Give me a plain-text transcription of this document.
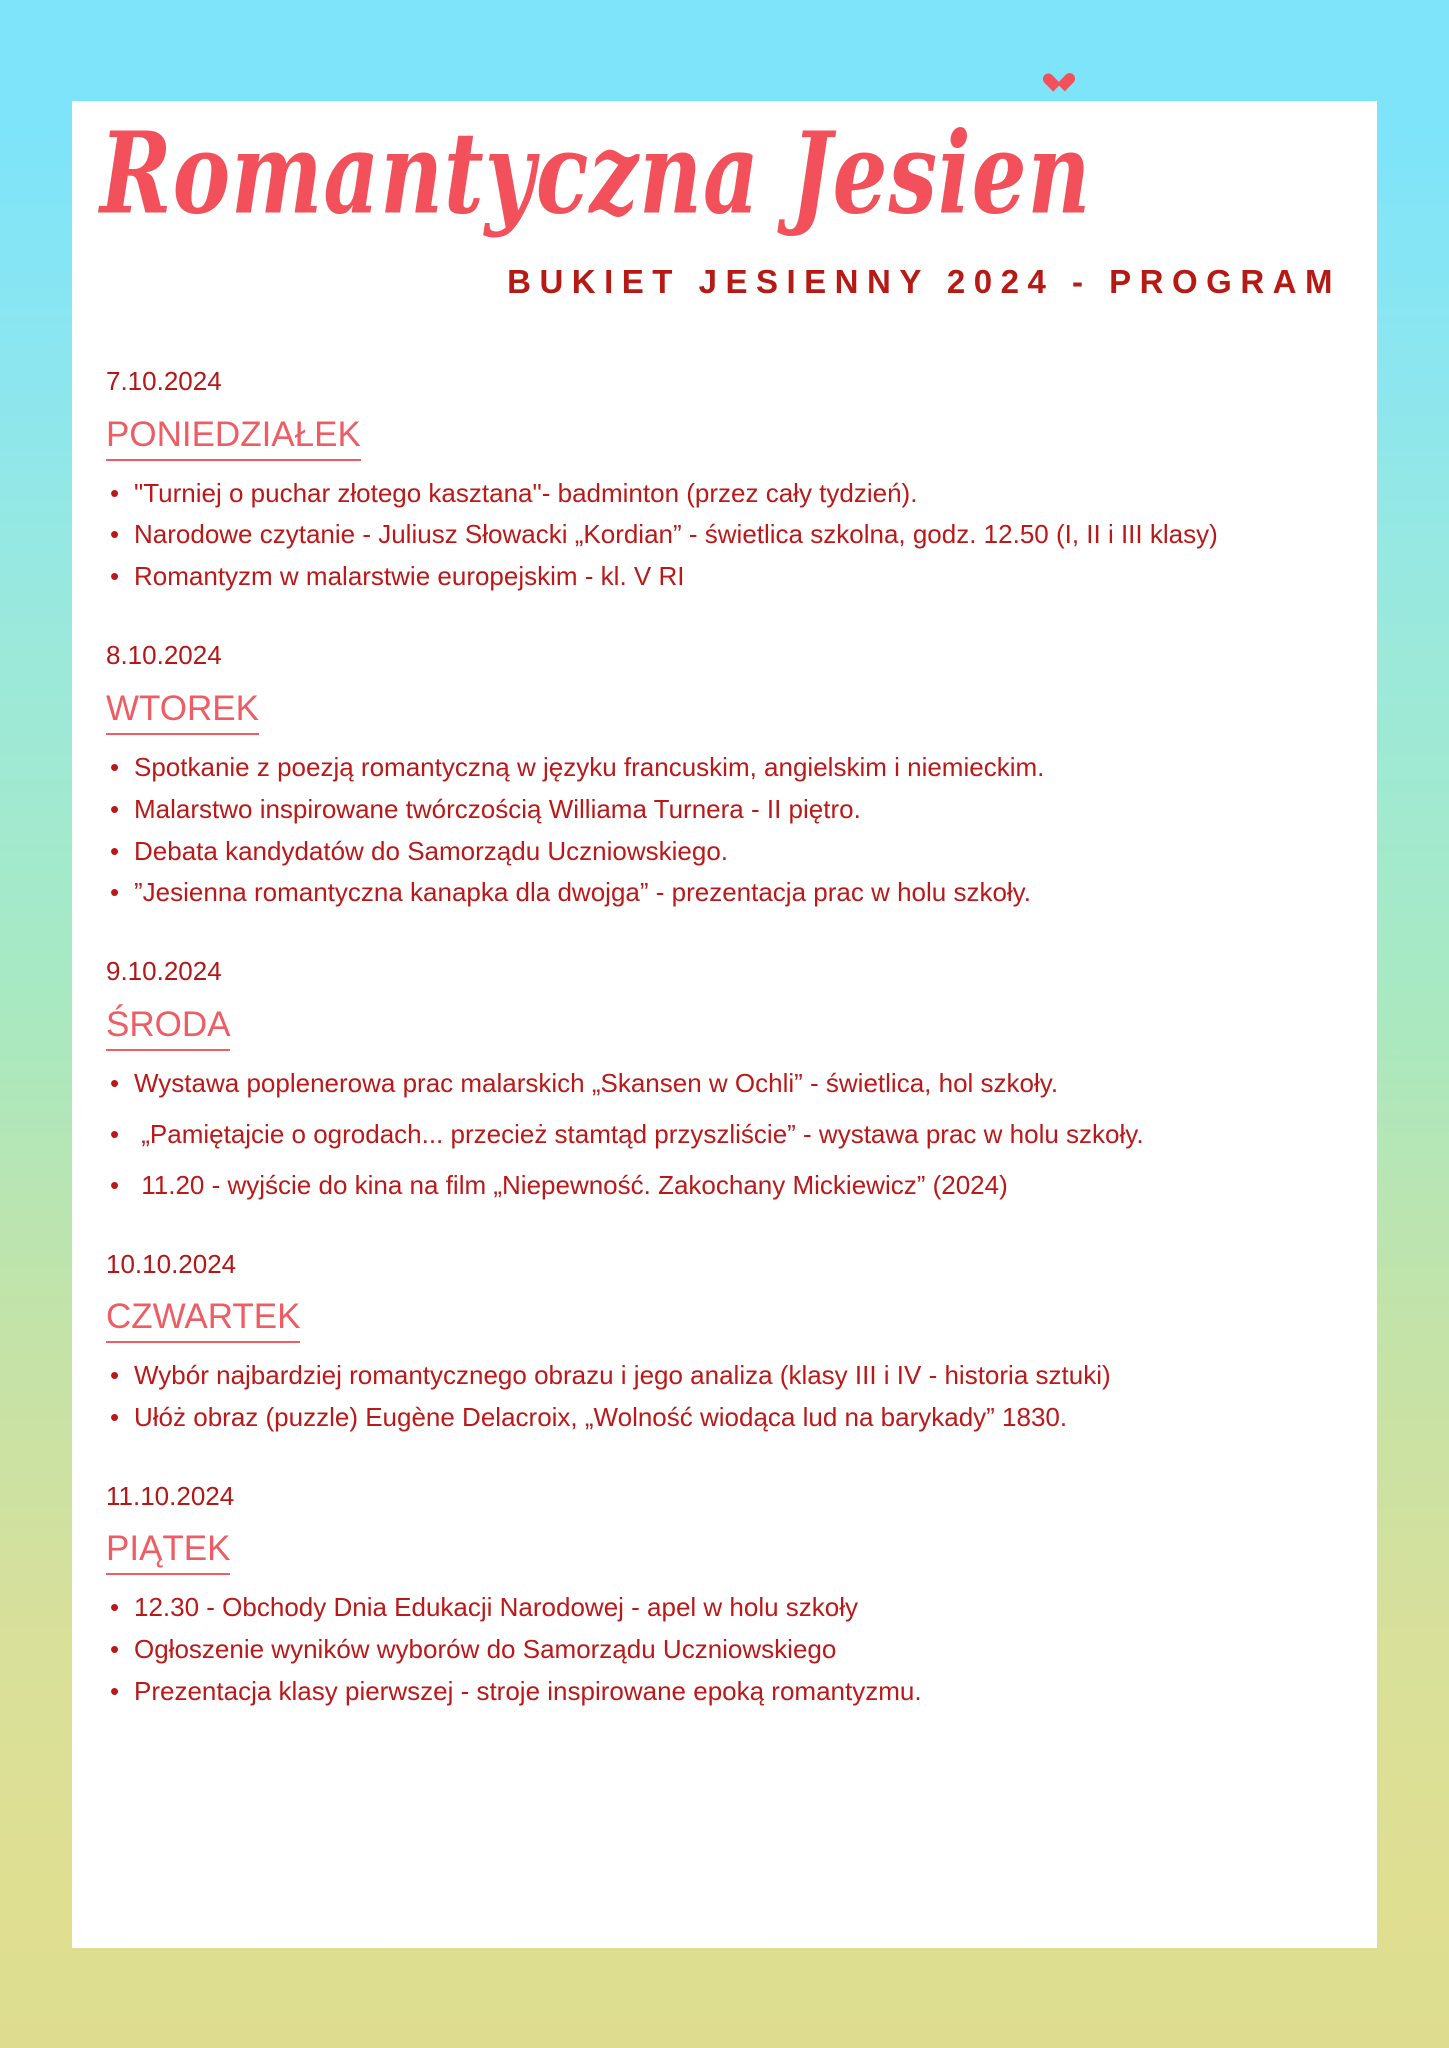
Romantyczna Jesie
n
BUKIET JESIENNY 2024 - PROGRAM
7.10.2024
PONIEDZIAŁEK
• "Turniej o puchar złotego kasztana"- badminton (przez cały tydzień).
• Narodowe czytanie - Juliusz Słowacki „Kordian” - świetlica szkolna, godz. 12.50 (I, II i III klasy)
• Romantyzm w malarstwie europejskim - kl. V RI
8.10.2024
WTOREK
• Spotkanie z poezją romantyczną w języku francuskim, angielskim i niemieckim.
• Malarstwo inspirowane twórczością Williama Turnera - II piętro.
• Debata kandydatów do Samorządu Uczniowskiego.
• ”Jesienna romantyczna kanapka dla dwojga” - prezentacja prac w holu szkoły.
9.10.2024
ŚRODA
• Wystawa poplenerowa prac malarskich „Skansen w Ochli” - świetlica, hol szkoły.
•  „Pamiętajcie o ogrodach... przecież stamtąd przyszliście” - wystawa prac w holu szkoły.
•  11.20 - wyjście do kina na film „Niepewność. Zakochany Mickiewicz” (2024)
10.10.2024
CZWARTEK
• Wybór najbardziej romantycznego obrazu i jego analiza (klasy III i IV - historia sztuki)
• Ułóż obraz (puzzle) Eugène Delacroix, „Wolność wiodąca lud na barykady” 1830.
11.10.2024
PIĄTEK
• 12.30 - Obchody Dnia Edukacji Narodowej - apel w holu szkoły
• Ogłoszenie wyników wyborów do Samorządu Uczniowskiego
• Prezentacja klasy pierwszej - stroje inspirowane epoką romantyzmu.
